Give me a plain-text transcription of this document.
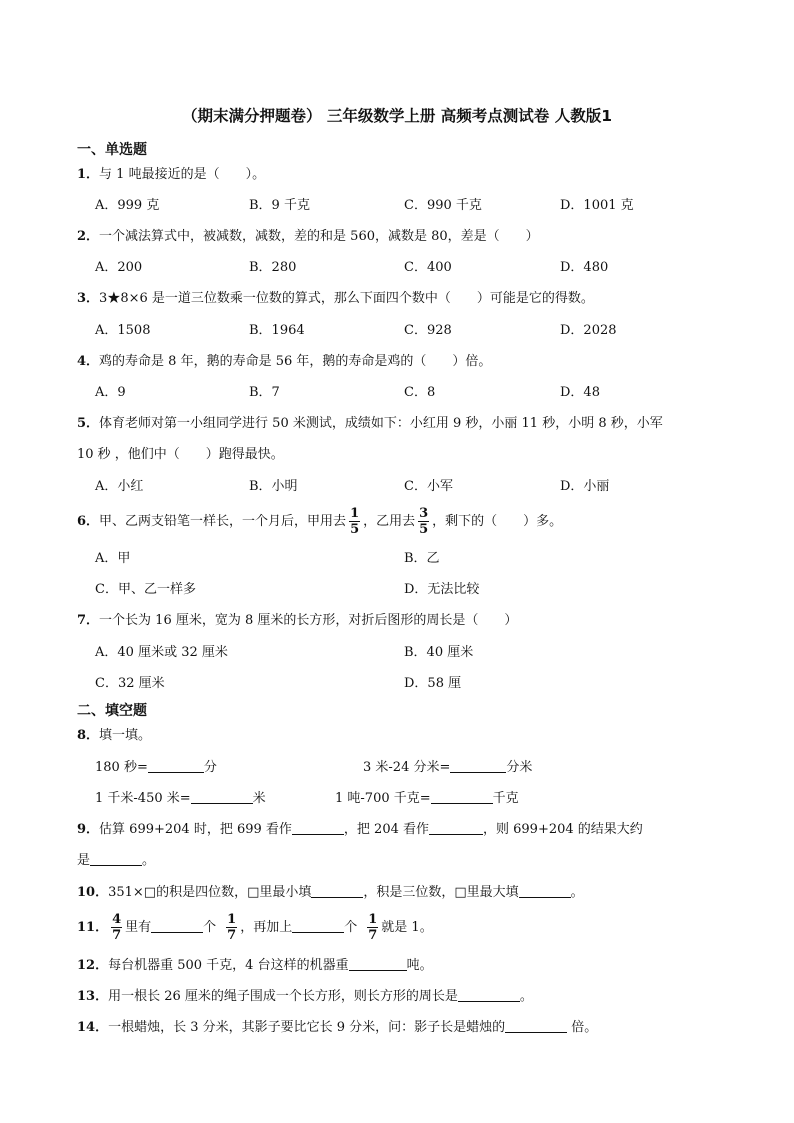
（期末满分押题卷） 三年级数学上册 高频考点测试卷 人教版1
一、单选题
1．与 1 吨最接近的是（　　）。
A．999 克	B．9 千克	C．990 千克	D．1001 克
2．一个减法算式中，被减数，减数，差的和是 560，减数是 80，差是（　　）
A．200	B．280	C．400	D．480
3．3★8×6 是一道三位数乘一位数的算式，那么下面四个数中（　　）可能是它的得数。
A．1508	B．1964	C．928	D．2028
4．鸡的寿命是 8 年，鹅的寿命是 56 年，鹅的寿命是鸡的（　　）倍。
A．9	B．7	C．8	D．48
5．体育老师对第一小组同学进行 50 米测试，成绩如下：小红用 9 秒，小丽 11 秒，小明 8 秒，小军
10 秒 ，他们中（　　）跑得最快。
A．小红	B．小明	C．小军	D．小丽
6．甲、乙两支铅笔一样长，一个月后，甲用去 $\frac{1}{5}$ ，乙用去 $\frac{3}{5}$ ，剩下的（　　）多。
A．甲	B．乙
C．甲、乙一样多	D．无法比较
7．一个长为 16 厘米，宽为 8 厘米的长方形，对折后图形的周长是（　　）
A．40 厘米或 32 厘米	B．40 厘米
C．32 厘米	D．58 厘
二、填空题
8．填一填。
180 秒=	分	3 米-24 分米=	分米
1 千米-450 米=	米	1 吨-700 千克=	千克
9．估算 699+204 时，把 699 看作	，把 204 看作	，则 699+204 的结果大约
是	。
10．351×□的积是四位数，□里最小填	，积是三位数，□里最大填	。
11． $\frac{4}{7}$ 里有	个 $\frac{1}{7}$ ，再加上	个 $\frac{1}{7}$ 就是 1。
12．每台机器重 500 千克，4 台这样的机器重	吨。
13．用一根长 26 厘米的绳子围成一个长方形，则长方形的周长是	。
14．一根蜡烛，长 3 分米，其影子要比它长 9 分米，问：影子长是蜡烛的	倍。
